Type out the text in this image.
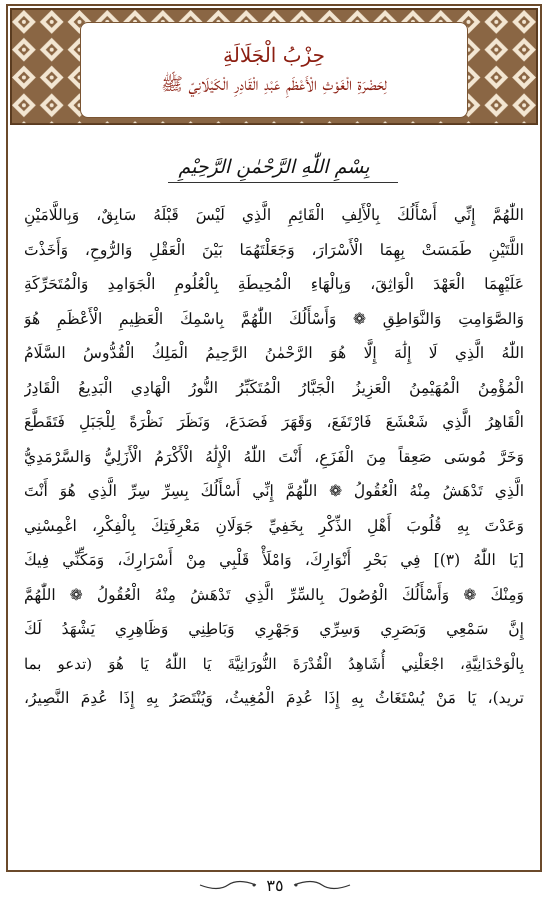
حِزْبُ الْجَلَالَةِ
لِحَضْرَةِ الْغَوْثِ الْأَعْظَمِ عَبْدِ الْقَادِرِ الْكَيْلَانِيّ ﷺ
بِسْمِ اللّٰهِ الرَّحْمٰنِ الرَّحِيْمِ
اللّٰهُمَّ إِنِّي أَسْأَلُكَ بِالْأَلِفِ الْقَائِمِ الَّذِي لَيْسَ قَبْلَهُ سَابِقٌ، وَبِاللَّامَيْنِ
اللَّتَيْنِ طَمَسَتْ بِهِمَا الْأَسْرَارَ، وَجَعَلْتَهُمَا بَيْنَ الْعَقْلِ وَالرُّوحِ، وَأَخَذْتَ
عَلَيْهِمَا الْعَهْدَ الْوَاثِقَ، وَبِالْهَاءِ الْمُحِيطَةِ بِالْعُلُومِ الْجَوَامِدِ وَالْمُتَحَرِّكَةِ
وَالصَّوَامِتِ وَالنَّوَاطِقِ ❁ وَأَسْأَلُكَ اللّٰهُمَّ بِاسْمِكَ الْعَظِيمِ الْأَعْظَمِ هُوَ
اللّٰهُ الَّذِي لَا إِلَٰهَ إِلَّا هُوَ الرَّحْمٰنُ الرَّحِيمُ الْمَلِكُ الْقُدُّوسُ السَّلَامُ
الْمُؤْمِنُ الْمُهَيْمِنُ الْعَزِيزُ الْجَبَّارُ الْمُتَكَبِّرُ النُّورُ الْهَادِي الْبَدِيعُ الْقَادِرُ
الْقَاهِرُ الَّذِي شَعْشَعَ فَارْتَفَعَ، وَقَهَرَ فَصَدَعَ، وَنَظَرَ نَظْرَةً لِلْجَبَلِ فَتَقَطَّعَ
وَخَرَّ مُوسَى صَعِقاً مِنَ الْفَزَعِ، أَنْتَ اللّٰهُ الْإِلَٰهُ الْأَكْرَمُ الْأَزَلِيُّ وَالسَّرْمَدِيُّ
الَّذِي تَدْهَشُ مِنْهُ الْعُقُولُ ❁ اللّٰهُمَّ إِنِّي أَسْأَلُكَ بِسِرِّ سِرِّ الَّذِي هُوَ أَنْتَ
وَعَدْتَ بِهِ قُلُوبَ أَهْلِ الذِّكْرِ بِخَفِيِّ جَوَلَانِ مَعْرِفَتِكَ بِالْفِكْرِ، اغْمِسْنِي
[يَا اللّٰهُ (٣)] فِي بَحْرِ أَنْوَارِكَ، وَامْلَأْ قَلْبِي مِنْ أَسْرَارِكَ، وَمَكِّنِّي فِيكَ
وَمِنْكَ ❁ وَأَسْأَلُكَ الْوُصُولَ بِالسِّرِّ الَّذِي تَدْهَشُ مِنْهُ الْعُقُولُ ❁ اللّٰهُمَّ
إِنَّ سَمْعِي وَبَصَرِي وَسِرِّي وَجَهْرِي وَبَاطِنِي وَظَاهِرِي يَشْهَدُ لَكَ
بِالْوَحْدَانِيَّةِ، اجْعَلْنِي أُشَاهِدُ الْقُدْرَةَ النُّورَانِيَّةَ يَا اللّٰهُ يَا هُوَ (تدعو بما
تريد)، يَا مَنْ يُسْتَغَاثُ بِهِ إِذَا عُدِمَ الْمُغِيثُ، وَيُنْتَصَرُ بِهِ إِذَا عُدِمَ النَّصِيرُ،
٣٥
